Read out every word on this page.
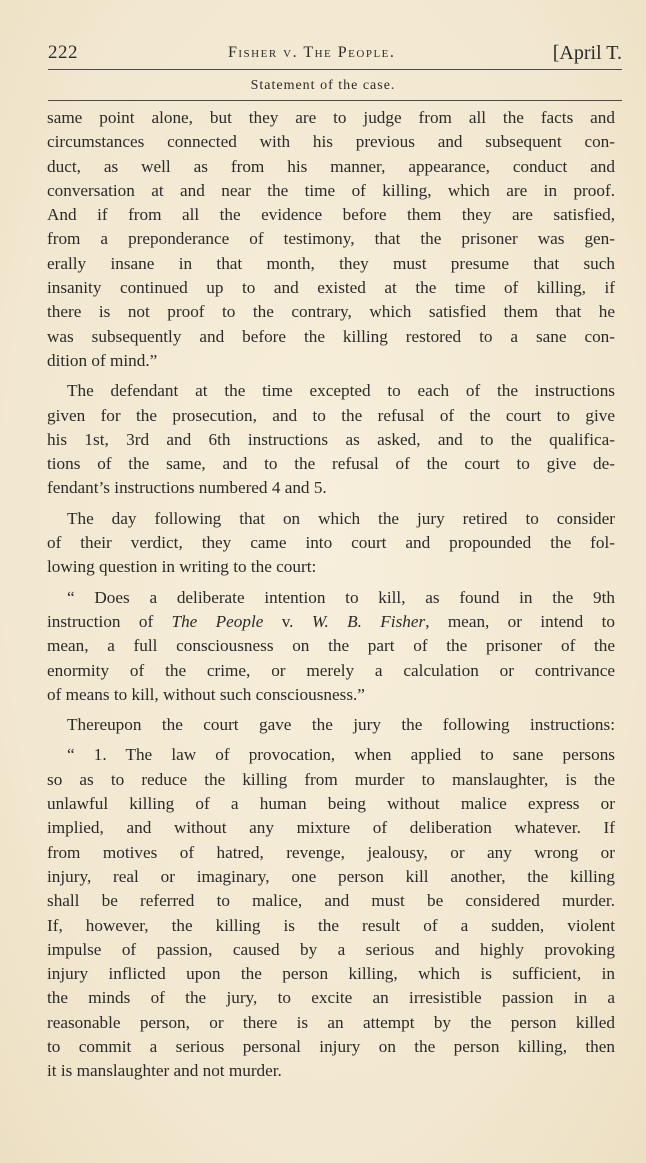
222	Fisher v. The People.	[April T.
Statement of the case.
same point alone, but they are to judge from all the facts and
circumstances connected with his previous and subsequent con-
duct, as well as from his manner, appearance, conduct and
conversation at and near the time of killing, which are in proof.
And if from all the evidence before them they are satisfied,
from a preponderance of testimony, that the prisoner was gen-
erally insane in that month, they must presume that such
insanity continued up to and existed at the time of killing, if
there is not proof to the contrary, which satisfied them that he
was subsequently and before the killing restored to a sane con-
dition of mind.”
The defendant at the time excepted to each of the instructions
given for the prosecution, and to the refusal of the court to give
his 1st, 3rd and 6th instructions as asked, and to the qualifica-
tions of the same, and to the refusal of the court to give de-
fendant’s instructions numbered 4 and 5.
The day following that on which the jury retired to consider
of their verdict, they came into court and propounded the fol-
lowing question in writing to the court:
“ Does a deliberate intention to kill, as found in the 9th
instruction of The People v. W. B. Fisher, mean, or intend to
mean, a full consciousness on the part of the prisoner of the
enormity of the crime, or merely a calculation or contrivance
of means to kill, without such consciousness.”
Thereupon the court gave the jury the following instructions:
“ 1. The law of provocation, when applied to sane persons
so as to reduce the killing from murder to manslaughter, is the
unlawful killing of a human being without malice express or
implied, and without any mixture of deliberation whatever. If
from motives of hatred, revenge, jealousy, or any wrong or
injury, real or imaginary, one person kill another, the killing
shall be referred to malice, and must be considered murder.
If, however, the killing is the result of a sudden, violent
impulse of passion, caused by a serious and highly provoking
injury inflicted upon the person killing, which is sufficient, in
the minds of the jury, to excite an irresistible passion in a
reasonable person, or there is an attempt by the person killed
to commit a serious personal injury on the person killing, then
it is manslaughter and not murder.
